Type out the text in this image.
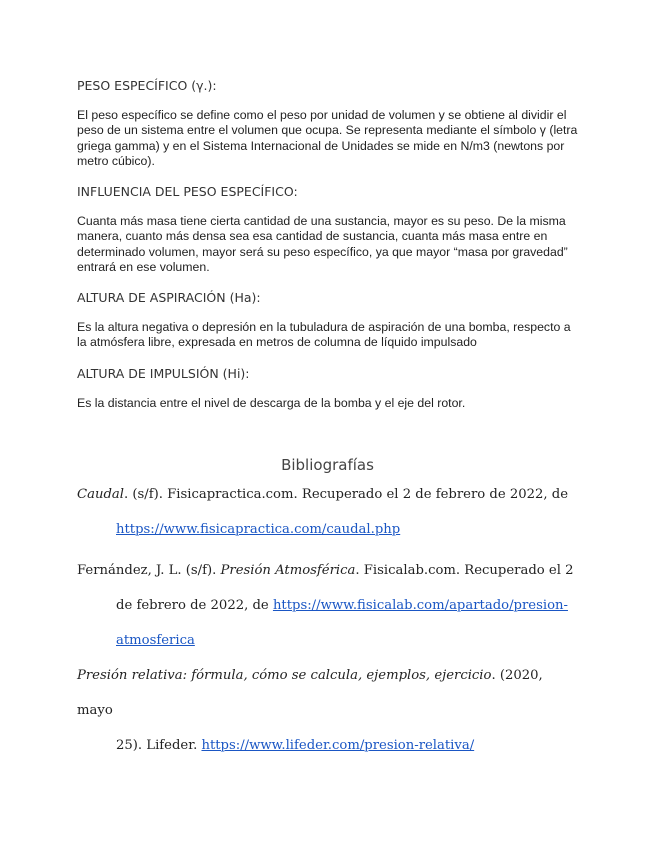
PESO ESPECÍFICO (γ.):

El peso específico se define como el peso por unidad de volumen y se obtiene al dividir el peso de un sistema entre el volumen que ocupa. Se representa mediante el símbolo γ (letra griega gamma) y en el Sistema Internacional de Unidades se mide en N/m3 (newtons por metro cúbico).

INFLUENCIA DEL PESO ESPECÍFICO:

Cuanta más masa tiene cierta cantidad de una sustancia, mayor es su peso. De la misma manera, cuanto más densa sea esa cantidad de sustancia, cuanta más masa entre en determinado volumen, mayor será su peso específico, ya que mayor “masa por gravedad” entrará en ese volumen.

ALTURA DE ASPIRACIÓN (Ha):

Es la altura negativa o depresión en la tubuladura de aspiración de una bomba, respecto a la atmósfera libre, expresada en metros de columna de líquido impulsado

ALTURA DE IMPULSIÓN (Hi):

Es la distancia entre el nivel de descarga de la bomba y el eje del rotor.

Bibliografías

Caudal. (s/f). Fisicapractica.com. Recuperado el 2 de febrero de 2022, de
https://www.fisicapractica.com/caudal.php

Fernández, J. L. (s/f). Presión Atmosférica. Fisicalab.com. Recuperado el 2
de febrero de 2022, de https://www.fisicalab.com/apartado/presion-
atmosferica

Presión relativa: fórmula, cómo se calcula, ejemplos, ejercicio. (2020, mayo
25). Lifeder. https://www.lifeder.com/presion-relativa/
